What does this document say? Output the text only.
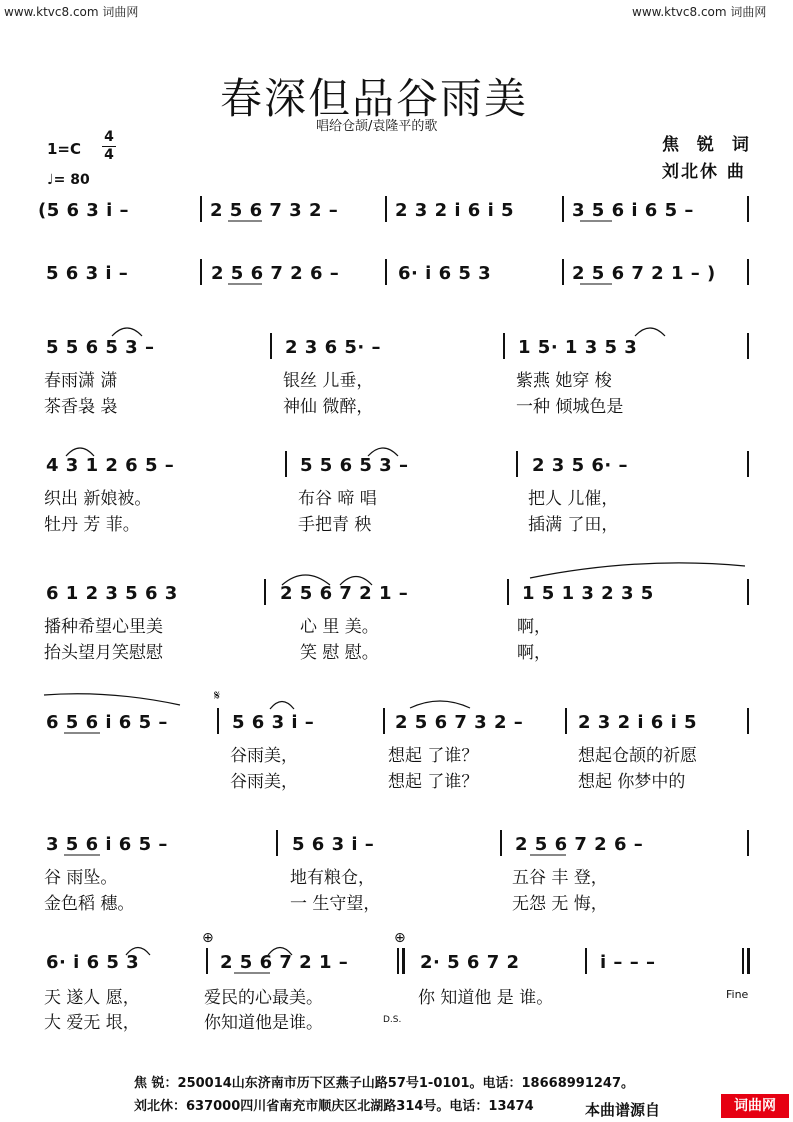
www.ktvc8.com 词曲网	www.ktvc8.com 词曲网
春深但品谷雨美
唱给仓颉/袁隆平的歌
焦 锐 词
刘北休 曲
1=C
4
4
♩= 80
(5 6 3 i –	2 5 6 7 3 2 –	2 3 2 i 6 i 5	3 5 6 i 6 5 –
5 6 3 i –	2 5 6 7 2 6 –	6· i 6 5 3	2 5 6 7 2 1 – )
5 5 6 5 3 –	2 3 6 5· –	1 5· 1 3 5 3
春雨潇 潇	银丝 儿垂，	紫燕 她穿 梭
茶香袅 袅	神仙 微醉，	一种 倾城色是
4 3 1 2 6 5 –	5 5 6 5 3 –	2 3 5 6· –
织出 新娘被。	布谷 啼 唱	把人 儿催，
牡丹 芳 菲。	手把青 秧	插满 了田，
6 1 2 3 5 6 3	2 5 6 7 2 1 –	1 5 1 3 2 3 5
播种希望心里美	心 里 美。	啊，
抬头望月笑慰慰	笑 慰 慰。	啊，
𝄋
6 5 6 i 6 5 –	5 6 3 i –	2 5 6 7 3 2 –	2 3 2 i 6 i 5
谷雨美，	想起 了谁？	想起仓颉的祈愿
谷雨美，	想起 了谁？	想起 你梦中的
3 5 6 i 6 5 –	5 6 3 i –	2 5 6 7 2 6 –
谷 雨坠。	地有粮仓，	五谷 丰 登，
金色稻 穗。	一 生守望，	无怨 无 悔，
⊕	⊕
6· i 6 5 3	2 5 6 7 2 1 –	2· 5 6 7 2	i – – –
天 遂人 愿，	爱民的心最美。	你 知道他 是 谁。
大 爱无 垠，	你知道他是谁。
Fine
D.S.
焦 锐：250014山东济南市历下区燕子山路57号1-0101。电话：18668991247。
刘北休：637000四川省南充市顺庆区北湖路314号。电话：13474	本曲谱源自	词曲网
